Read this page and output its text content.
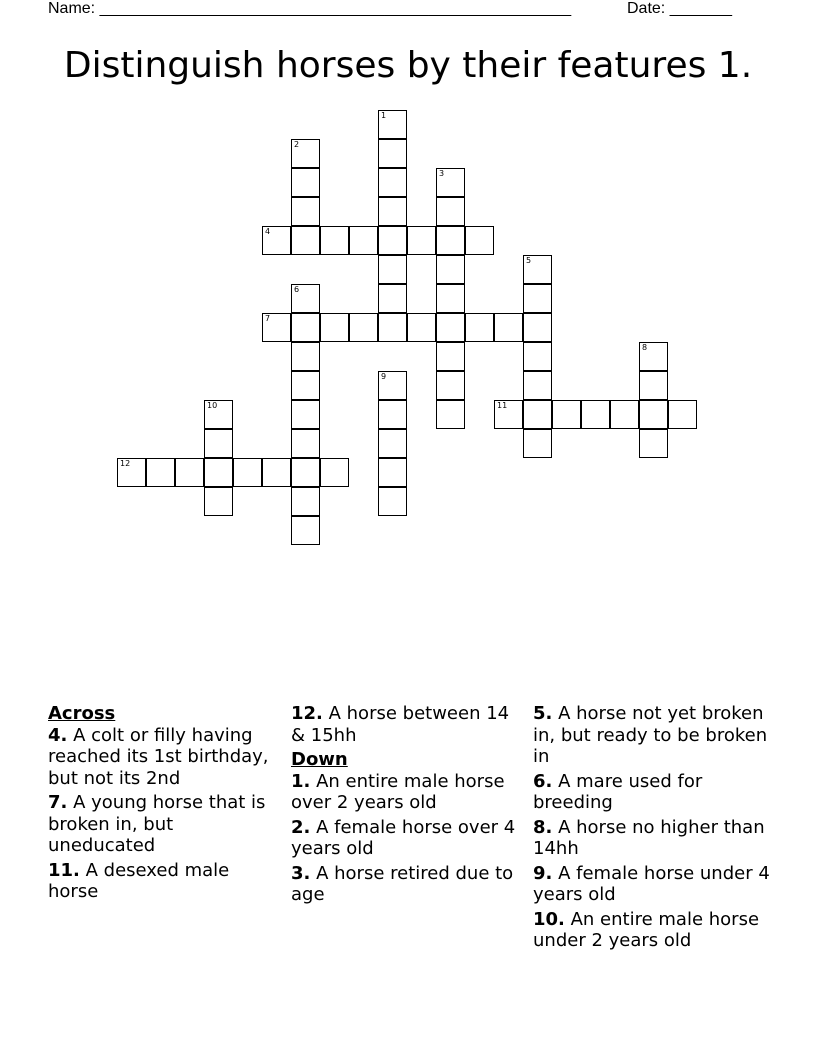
Name: _____________________________________________________	Date: _______
Distinguish horses by their features 1.
1
2
3
4
5
6
7
8
9
10	11
12
Across
4. A colt or filly having reached its 1st birthday, but not its 2nd
7. A young horse that is broken in, but uneducated
11. A desexed male horse
12. A horse between 14 & 15hh
Down
1. An entire male horse over 2 years old
2. A female horse over 4 years old
3. A horse retired due to age
5. A horse not yet broken in, but ready to be broken in
6. A mare used for breeding
8. A horse no higher than 14hh
9. A female horse under 4 years old
10. An entire male horse under 2 years old
